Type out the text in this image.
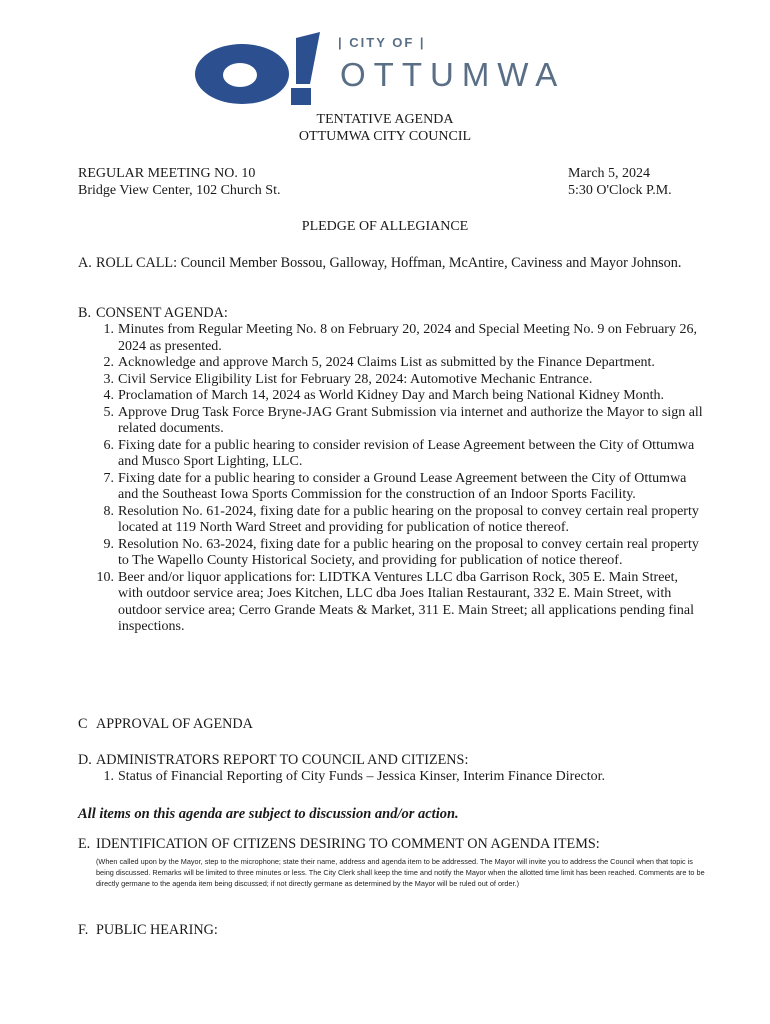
| CITY OF |
OTTUMWA
TENTATIVE AGENDA
OTTUMWA CITY COUNCIL
REGULAR MEETING NO. 10
Bridge View Center, 102 Church St.
March 5, 2024
5:30 O'Clock P.M.
PLEDGE OF ALLEGIANCE
A. ROLL CALL: Council Member Bossou, Galloway, Hoffman, McAntire, Caviness and Mayor Johnson.
B. CONSENT AGENDA:
1. Minutes from Regular Meeting No. 8 on February 20, 2024 and Special Meeting No. 9 on February 26, 2024 as presented.
2. Acknowledge and approve March 5, 2024 Claims List as submitted by the Finance Department.
3. Civil Service Eligibility List for February 28, 2024: Automotive Mechanic Entrance.
4. Proclamation of March 14, 2024 as World Kidney Day and March being National Kidney Month.
5. Approve Drug Task Force Bryne-JAG Grant Submission via internet and authorize the Mayor to sign all related documents.
6. Fixing date for a public hearing to consider revision of Lease Agreement between the City of Ottumwa and Musco Sport Lighting, LLC.
7. Fixing date for a public hearing to consider a Ground Lease Agreement between the City of Ottumwa and the Southeast Iowa Sports Commission for the construction of an Indoor Sports Facility.
8. Resolution No. 61-2024, fixing date for a public hearing on the proposal to convey certain real property located at 119 North Ward Street and providing for publication of notice thereof.
9. Resolution No. 63-2024, fixing date for a public hearing on the proposal to convey certain real property to The Wapello County Historical Society, and providing for publication of notice thereof.
10. Beer and/or liquor applications for: LIDTKA Ventures LLC dba Garrison Rock, 305 E. Main Street, with outdoor service area; Joes Kitchen, LLC dba Joes Italian Restaurant, 332 E. Main Street, with outdoor service area; Cerro Grande Meats & Market, 311 E. Main Street; all applications pending final inspections.
C APPROVAL OF AGENDA
D. ADMINISTRATORS REPORT TO COUNCIL AND CITIZENS:
1. Status of Financial Reporting of City Funds – Jessica Kinser, Interim Finance Director.
All items on this agenda are subject to discussion and/or action.
E. IDENTIFICATION OF CITIZENS DESIRING TO COMMENT ON AGENDA ITEMS:
(When called upon by the Mayor, step to the microphone; state their name, address and agenda item to be addressed. The Mayor will invite you to address the Council when that topic is being discussed. Remarks will be limited to three minutes or less. The City Clerk shall keep the time and notify the Mayor when the allotted time limit has been reached. Comments are to be directly germane to the agenda item being discussed; if not directly germane as determined by the Mayor will be ruled out of order.)
F. PUBLIC HEARING:
